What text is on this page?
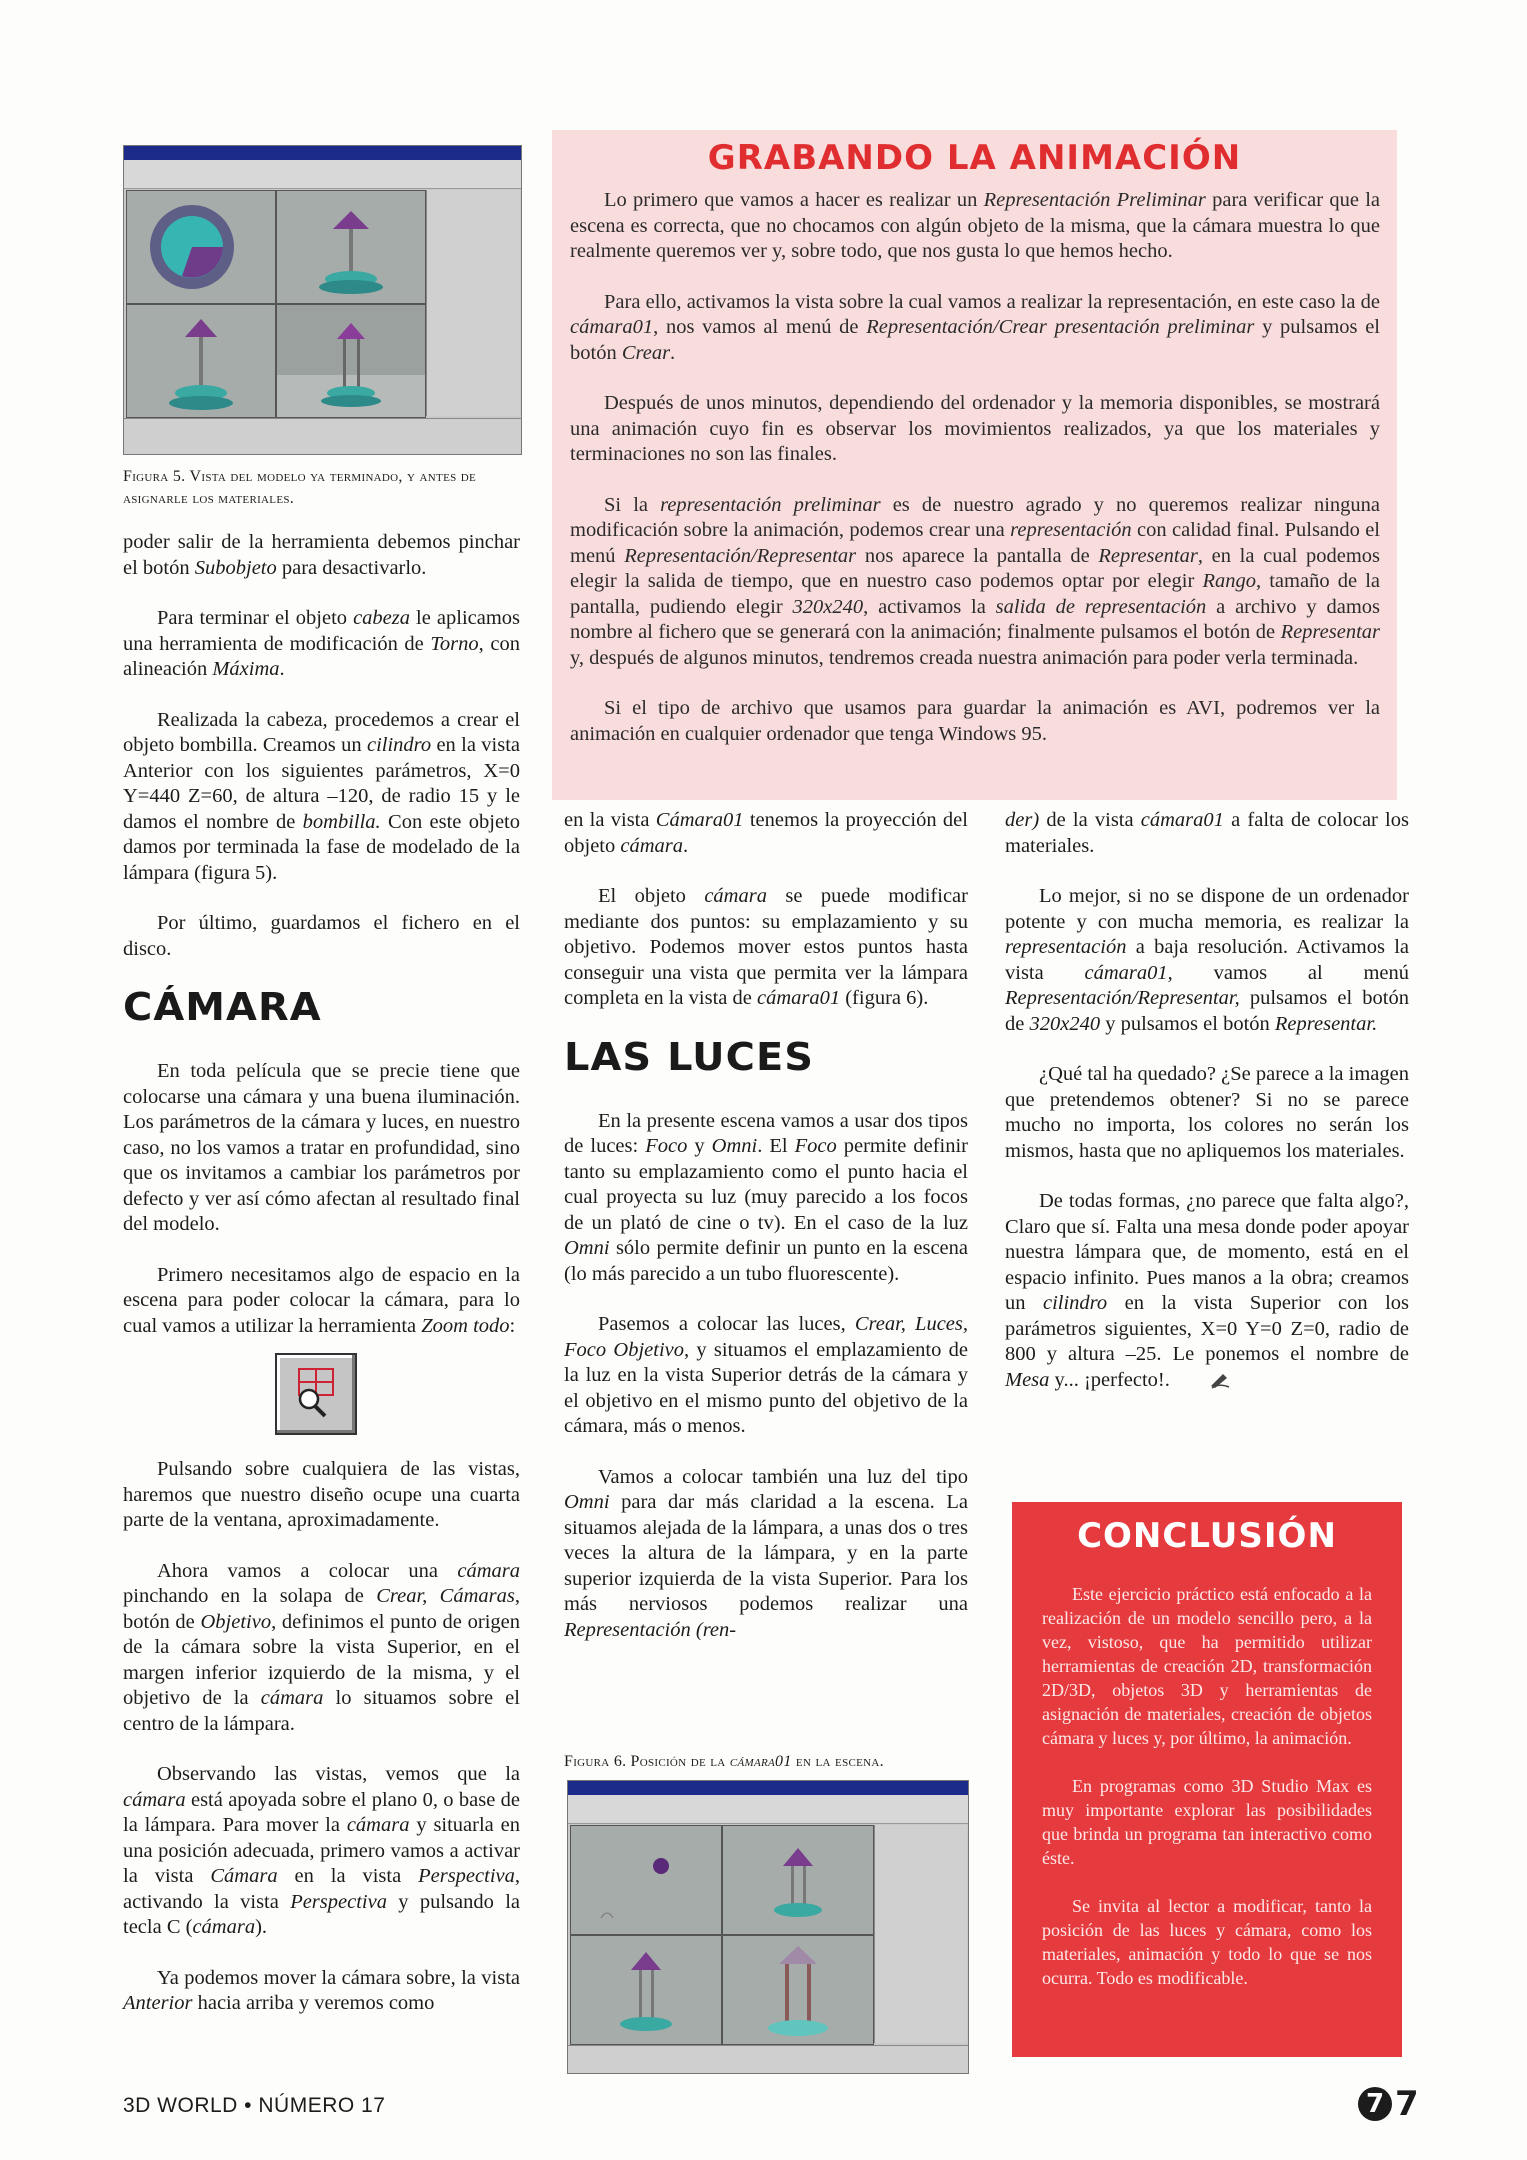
Figura 5. Vista del modelo ya terminado, y antes de asignarle los materiales.

poder salir de la herramienta debemos pinchar el botón Subobjeto para desactivarlo.

Para terminar el objeto cabeza le aplicamos una herramienta de modificación de Torno, con alineación Máxima.

Realizada la cabeza, procedemos a crear el objeto bombilla. Creamos un cilindro en la vista Anterior con los siguientes parámetros, X=0 Y=440 Z=60, de altura –120, de radio 15 y le damos el nombre de bombilla. Con este objeto damos por terminada la fase de modelado de la lámpara (figura 5).

Por último, guardamos el fichero en el disco.

CÁMARA

En toda película que se precie tiene que colocarse una cámara y una buena iluminación. Los parámetros de la cámara y luces, en nuestro caso, no los vamos a tratar en profundidad, sino que os invitamos a cambiar los parámetros por defecto y ver así cómo afectan al resultado final del modelo.

Primero necesitamos algo de espacio en la escena para poder colocar la cámara, para lo cual vamos a utilizar la herramienta Zoom todo:

Pulsando sobre cualquiera de las vistas, haremos que nuestro diseño ocupe una cuarta parte de la ventana, aproximadamente.

Ahora vamos a colocar una cámara pinchando en la solapa de Crear, Cámaras, botón de Objetivo, definimos el punto de origen de la cámara sobre la vista Superior, en el margen inferior izquierdo de la misma, y el objetivo de la cámara lo situamos sobre el centro de la lámpara.

Observando las vistas, vemos que la cámara está apoyada sobre el plano 0, o base de la lámpara. Para mover la cámara y situarla en una posición adecuada, primero vamos a activar la vista Cámara en la vista Perspectiva, activando la vista Perspectiva y pulsando la tecla C (cámara).

Ya podemos mover la cámara sobre, la vista Anterior hacia arriba y veremos como

GRABANDO LA ANIMACIÓN

Lo primero que vamos a hacer es realizar un Representación Preliminar para verificar que la escena es correcta, que no chocamos con algún objeto de la misma, que la cámara muestra lo que realmente queremos ver y, sobre todo, que nos gusta lo que hemos hecho.

Para ello, activamos la vista sobre la cual vamos a realizar la representación, en este caso la de cámara01, nos vamos al menú de Representación/Crear presentación preliminar y pulsamos el botón Crear.

Después de unos minutos, dependiendo del ordenador y la memoria disponibles, se mostrará una animación cuyo fin es observar los movimientos realizados, ya que los materiales y terminaciones no son las finales.

Si la representación preliminar es de nuestro agrado y no queremos realizar ninguna modificación sobre la animación, podemos crear una representación con calidad final. Pulsando el menú Representación/Representar nos aparece la pantalla de Representar, en la cual podemos elegir la salida de tiempo, que en nuestro caso podemos optar por elegir Rango, tamaño de la pantalla, pudiendo elegir 320x240, activamos la salida de representación a archivo y damos nombre al fichero que se generará con la animación; finalmente pulsamos el botón de Representar y, después de algunos minutos, tendremos creada nuestra animación para poder verla terminada.

Si el tipo de archivo que usamos para guardar la animación es AVI, podremos ver la animación en cualquier ordenador que tenga Windows 95.

en la vista Cámara01 tenemos la proyección del objeto cámara.

El objeto cámara se puede modificar mediante dos puntos: su emplazamiento y su objetivo. Podemos mover estos puntos hasta conseguir una vista que permita ver la lámpara completa en la vista de cámara01 (figura 6).

LAS LUCES

En la presente escena vamos a usar dos tipos de luces: Foco y Omni. El Foco permite definir tanto su emplazamiento como el punto hacia el cual proyecta su luz (muy parecido a los focos de un plató de cine o tv). En el caso de la luz Omni sólo permite definir un punto en la escena (lo más parecido a un tubo fluorescente).

Pasemos a colocar las luces, Crear, Luces, Foco Objetivo, y situamos el emplazamiento de la luz en la vista Superior detrás de la cámara y el objetivo en el mismo punto del objetivo de la cámara, más o menos.

Vamos a colocar también una luz del tipo Omni para dar más claridad a la escena. La situamos alejada de la lámpara, a unas dos o tres veces la altura de la lámpara, y en la parte superior izquierda de la vista Superior. Para los más nerviosos podemos realizar una Representación (ren-

Figura 6. Posición de la cámara01 en la escena.

der) de la vista cámara01 a falta de colocar los materiales.

Lo mejor, si no se dispone de un ordenador potente y con mucha memoria, es realizar la representación a baja resolución. Activamos la vista cámara01, vamos al menú Representación/Representar, pulsamos el botón de 320x240 y pulsamos el botón Representar.

¿Qué tal ha quedado? ¿Se parece a la imagen que pretendemos obtener? Si no se parece mucho no importa, los colores no serán los mismos, hasta que no apliquemos los materiales.

De todas formas, ¿no parece que falta algo?, Claro que sí. Falta una mesa donde poder apoyar nuestra lámpara que, de momento, está en el espacio infinito. Pues manos a la obra; creamos un cilindro en la vista Superior con los parámetros siguientes, X=0 Y=0 Z=0, radio de 800 y altura –25. Le ponemos el nombre de Mesa y... ¡perfecto!.

CONCLUSIÓN

Este ejercicio práctico está enfocado a la realización de un modelo sencillo pero, a la vez, vistoso, que ha permitido utilizar herramientas de creación 2D, transformación 2D/3D, objetos 3D y herramientas de asignación de materiales, creación de objetos cámara y luces y, por último, la animación.

En programas como 3D Studio Max es muy importante explorar las posibilidades que brinda un programa tan interactivo como éste.

Se invita al lector a modificar, tanto la posición de las luces y cámara, como los materiales, animación y todo lo que se nos ocurra. Todo es modificable.

3D WORLD • NÚMERO 17	7 7
